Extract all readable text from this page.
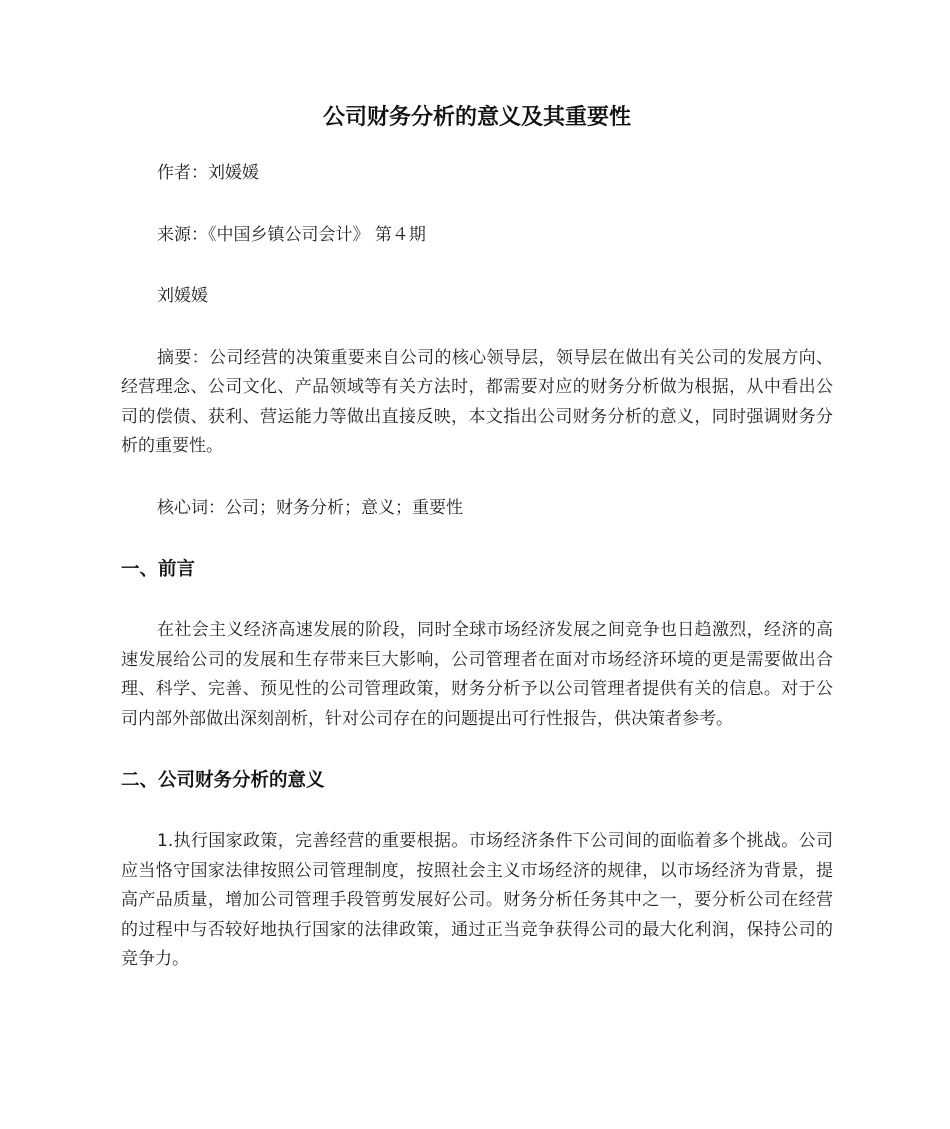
公司财务分析的意义及其重要性
作者：刘媛媛
来源：《中国乡镇公司会计》 第４期
刘媛媛
摘要：公司经营的决策重要来自公司的核心领导层，领导层在做出有关公司的发展方向、经营理念、公司文化、产品领域等有关方法时，都需要对应的财务分析做为根据，从中看出公司的偿债、获利、营运能力等做出直接反映，本文指出公司财务分析的意义，同时强调财务分析的重要性。
核心词：公司；财务分析；意义；重要性
一、前言
在社会主义经济高速发展的阶段，同时全球市场经济发展之间竞争也日趋激烈，经济的高速发展给公司的发展和生存带来巨大影响，公司管理者在面对市场经济环境的更是需要做出合理、科学、完善、预见性的公司管理政策，财务分析予以公司管理者提供有关的信息。对于公司内部外部做出深刻剖析，针对公司存在的问题提出可行性报告，供决策者参考。
二、公司财务分析的意义
1.执行国家政策，完善经营的重要根据。市场经济条件下公司间的面临着多个挑战。公司应当恪守国家法律按照公司管理制度，按照社会主义市场经济的规律，以市场经济为背景，提高产品质量，增加公司管理手段管剪发展好公司。财务分析任务其中之一，要分析公司在经营的过程中与否较好地执行国家的法律政策，通过正当竞争获得公司的最大化利润，保持公司的竞争力。
